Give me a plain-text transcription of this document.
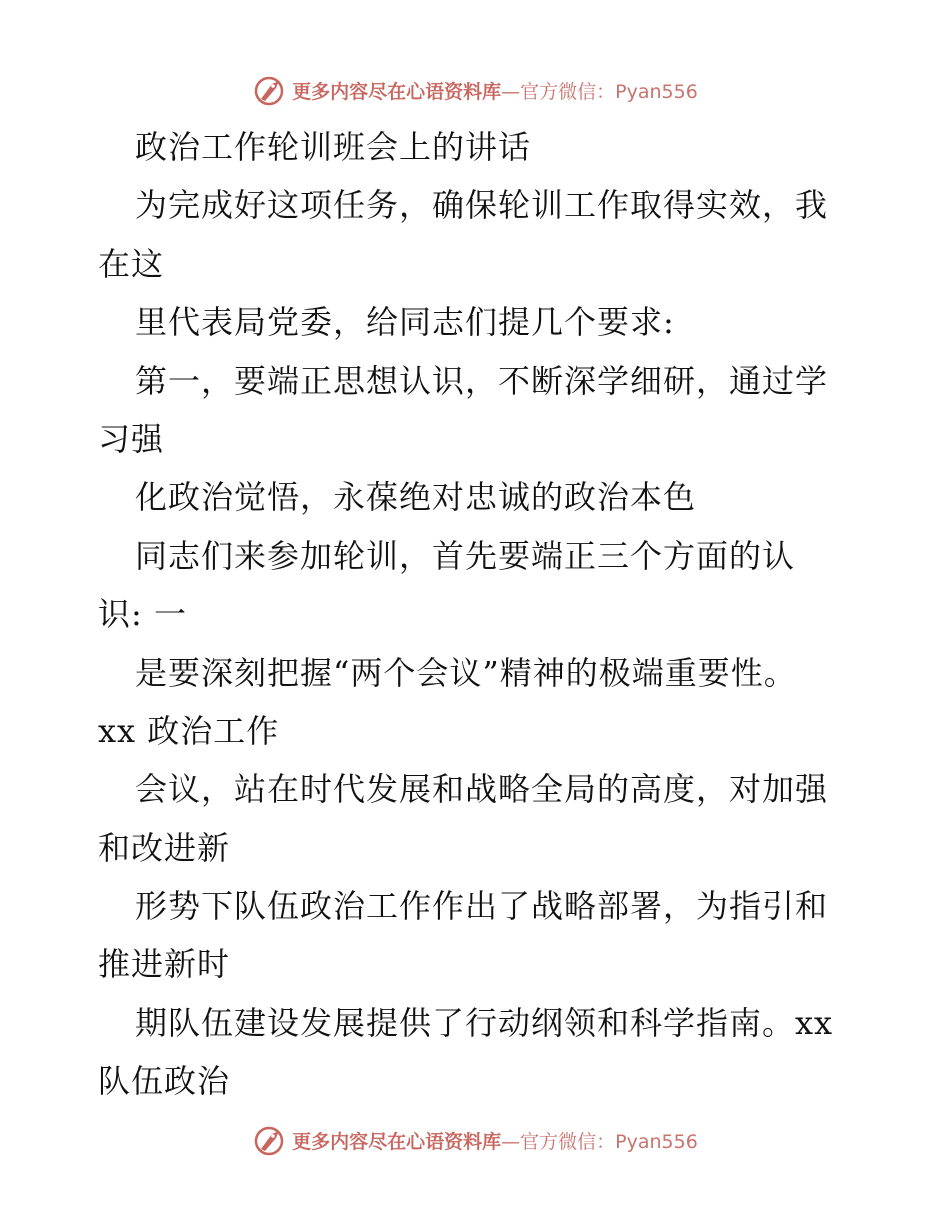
更多内容尽在心语资料库—官方微信：Pyan556
政治工作轮训班会上的讲话
为完成好这项任务，确保轮训工作取得实效，我
在这
里代表局党委，给同志们提几个要求:
第一，要端正思想认识，不断深学细研，通过学
习强
化政治觉悟，永葆绝对忠诚的政治本色
同志们来参加轮训，首先要端正三个方面的认
识: 一
是要深刻把握“两个会议”精神的极端重要性。
xx 政治工作
会议，站在时代发展和战略全局的高度，对加强
和改进新
形势下队伍政治工作作出了战略部署，为指引和
推进新时
期队伍建设发展提供了行动纲领和科学指南。xx
队伍政治
更多内容尽在心语资料库—官方微信：Pyan556
